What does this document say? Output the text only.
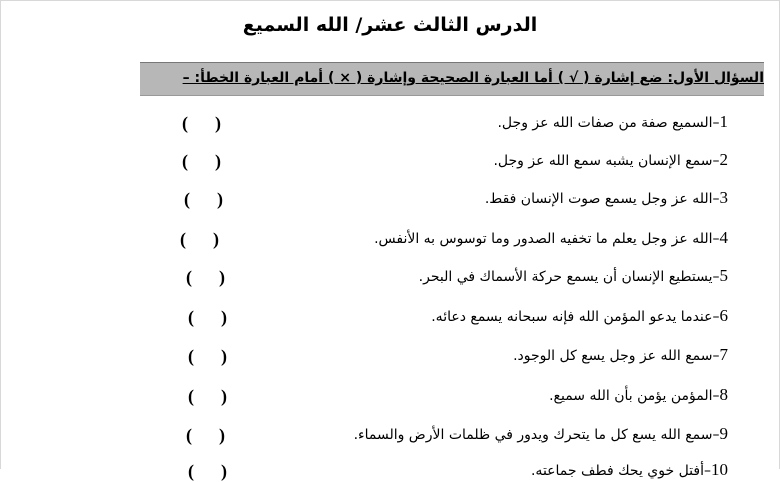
الدرس الثالث عشر/ الله السميع
السؤال الأول: ضع إشارة ( √ ) أما العبارة الصحيحة وإشارة ( × ) أمام العبارة الخطأ: –
1–السميع صفة من صفات الله عز وجل.
(      )
2–سمع الإنسان يشبه سمع الله عز وجل.
(      )
3–الله عز وجل يسمع صوت الإنسان فقط.
(      )
4–الله عز وجل يعلم ما تخفيه الصدور وما توسوس به الأنفس.
(      )
5–يستطيع الإنسان أن يسمع حركة الأسماك في البحر.
(      )
6–عندما يدعو المؤمن الله فإنه سبحانه يسمع دعائه.
(      )
7–سمع الله عز وجل يسع كل الوجود.
(      )
8–المؤمن يؤمن بأن الله سميع.
(      )
9–سمع الله يسع كل ما يتحرك ويدور في ظلمات الأرض والسماء.
(      )
10–أفتل خوي يحك فطف جماعته.
(      )
